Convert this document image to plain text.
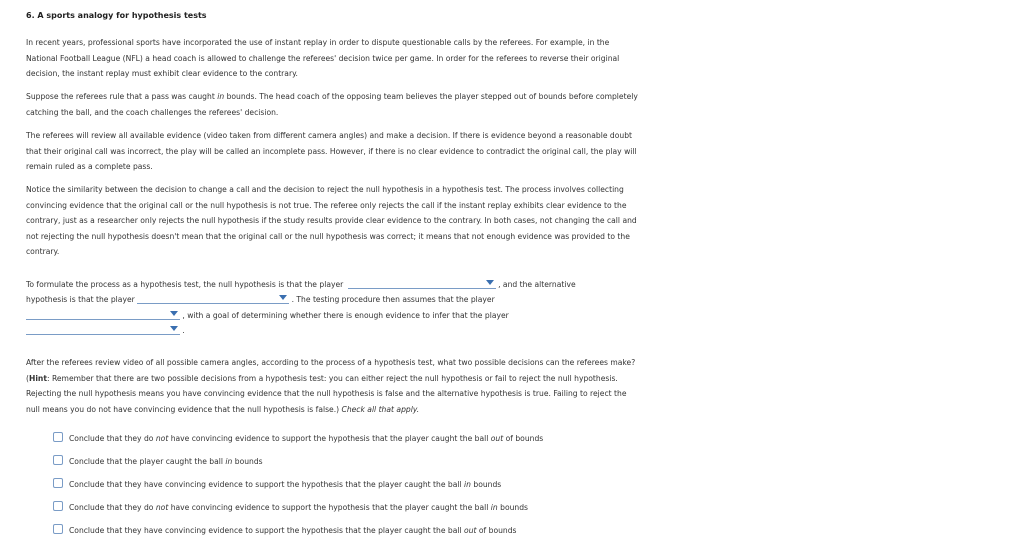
6. A sports analogy for hypothesis tests

In recent years, professional sports have incorporated the use of instant replay in order to dispute questionable calls by the referees. For example, in the National Football League (NFL) a head coach is allowed to challenge the referees' decision twice per game. In order for the referees to reverse their original decision, the instant replay must exhibit clear evidence to the contrary.

Suppose the referees rule that a pass was caught in bounds. The head coach of the opposing team believes the player stepped out of bounds before completely catching the ball, and the coach challenges the referees' decision.

The referees will review all available evidence (video taken from different camera angles) and make a decision. If there is evidence beyond a reasonable doubt that their original call was incorrect, the play will be called an incomplete pass. However, if there is no clear evidence to contradict the original call, the play will remain ruled as a complete pass.

Notice the similarity between the decision to change a call and the decision to reject the null hypothesis in a hypothesis test. The process involves collecting convincing evidence that the original call or the null hypothesis is not true. The referee only rejects the call if the instant replay exhibits clear evidence to the contrary, just as a researcher only rejects the null hypothesis if the study results provide clear evidence to the contrary. In both cases, not changing the call and not rejecting the null hypothesis doesn't mean that the original call or the null hypothesis was correct; it means that not enough evidence was provided to the contrary.

To formulate the process as a hypothesis test, the null hypothesis is that the player	, and the alternative
hypothesis is that the player	. The testing procedure then assumes that the player
, with a goal of determining whether there is enough evidence to infer that the player
.

After the referees review video of all possible camera angles, according to the process of a hypothesis test, what two possible decisions can the referees make? (Hint: Remember that there are two possible decisions from a hypothesis test: you can either reject the null hypothesis or fail to reject the null hypothesis. Rejecting the null hypothesis means you have convincing evidence that the null hypothesis is false and the alternative hypothesis is true. Failing to reject the null means you do not have convincing evidence that the null hypothesis is false.) Check all that apply.

Conclude that they do not have convincing evidence to support the hypothesis that the player caught the ball out of bounds
Conclude that the player caught the ball in bounds
Conclude that they have convincing evidence to support the hypothesis that the player caught the ball in bounds
Conclude that they do not have convincing evidence to support the hypothesis that the player caught the ball in bounds
Conclude that they have convincing evidence to support the hypothesis that the player caught the ball out of bounds
